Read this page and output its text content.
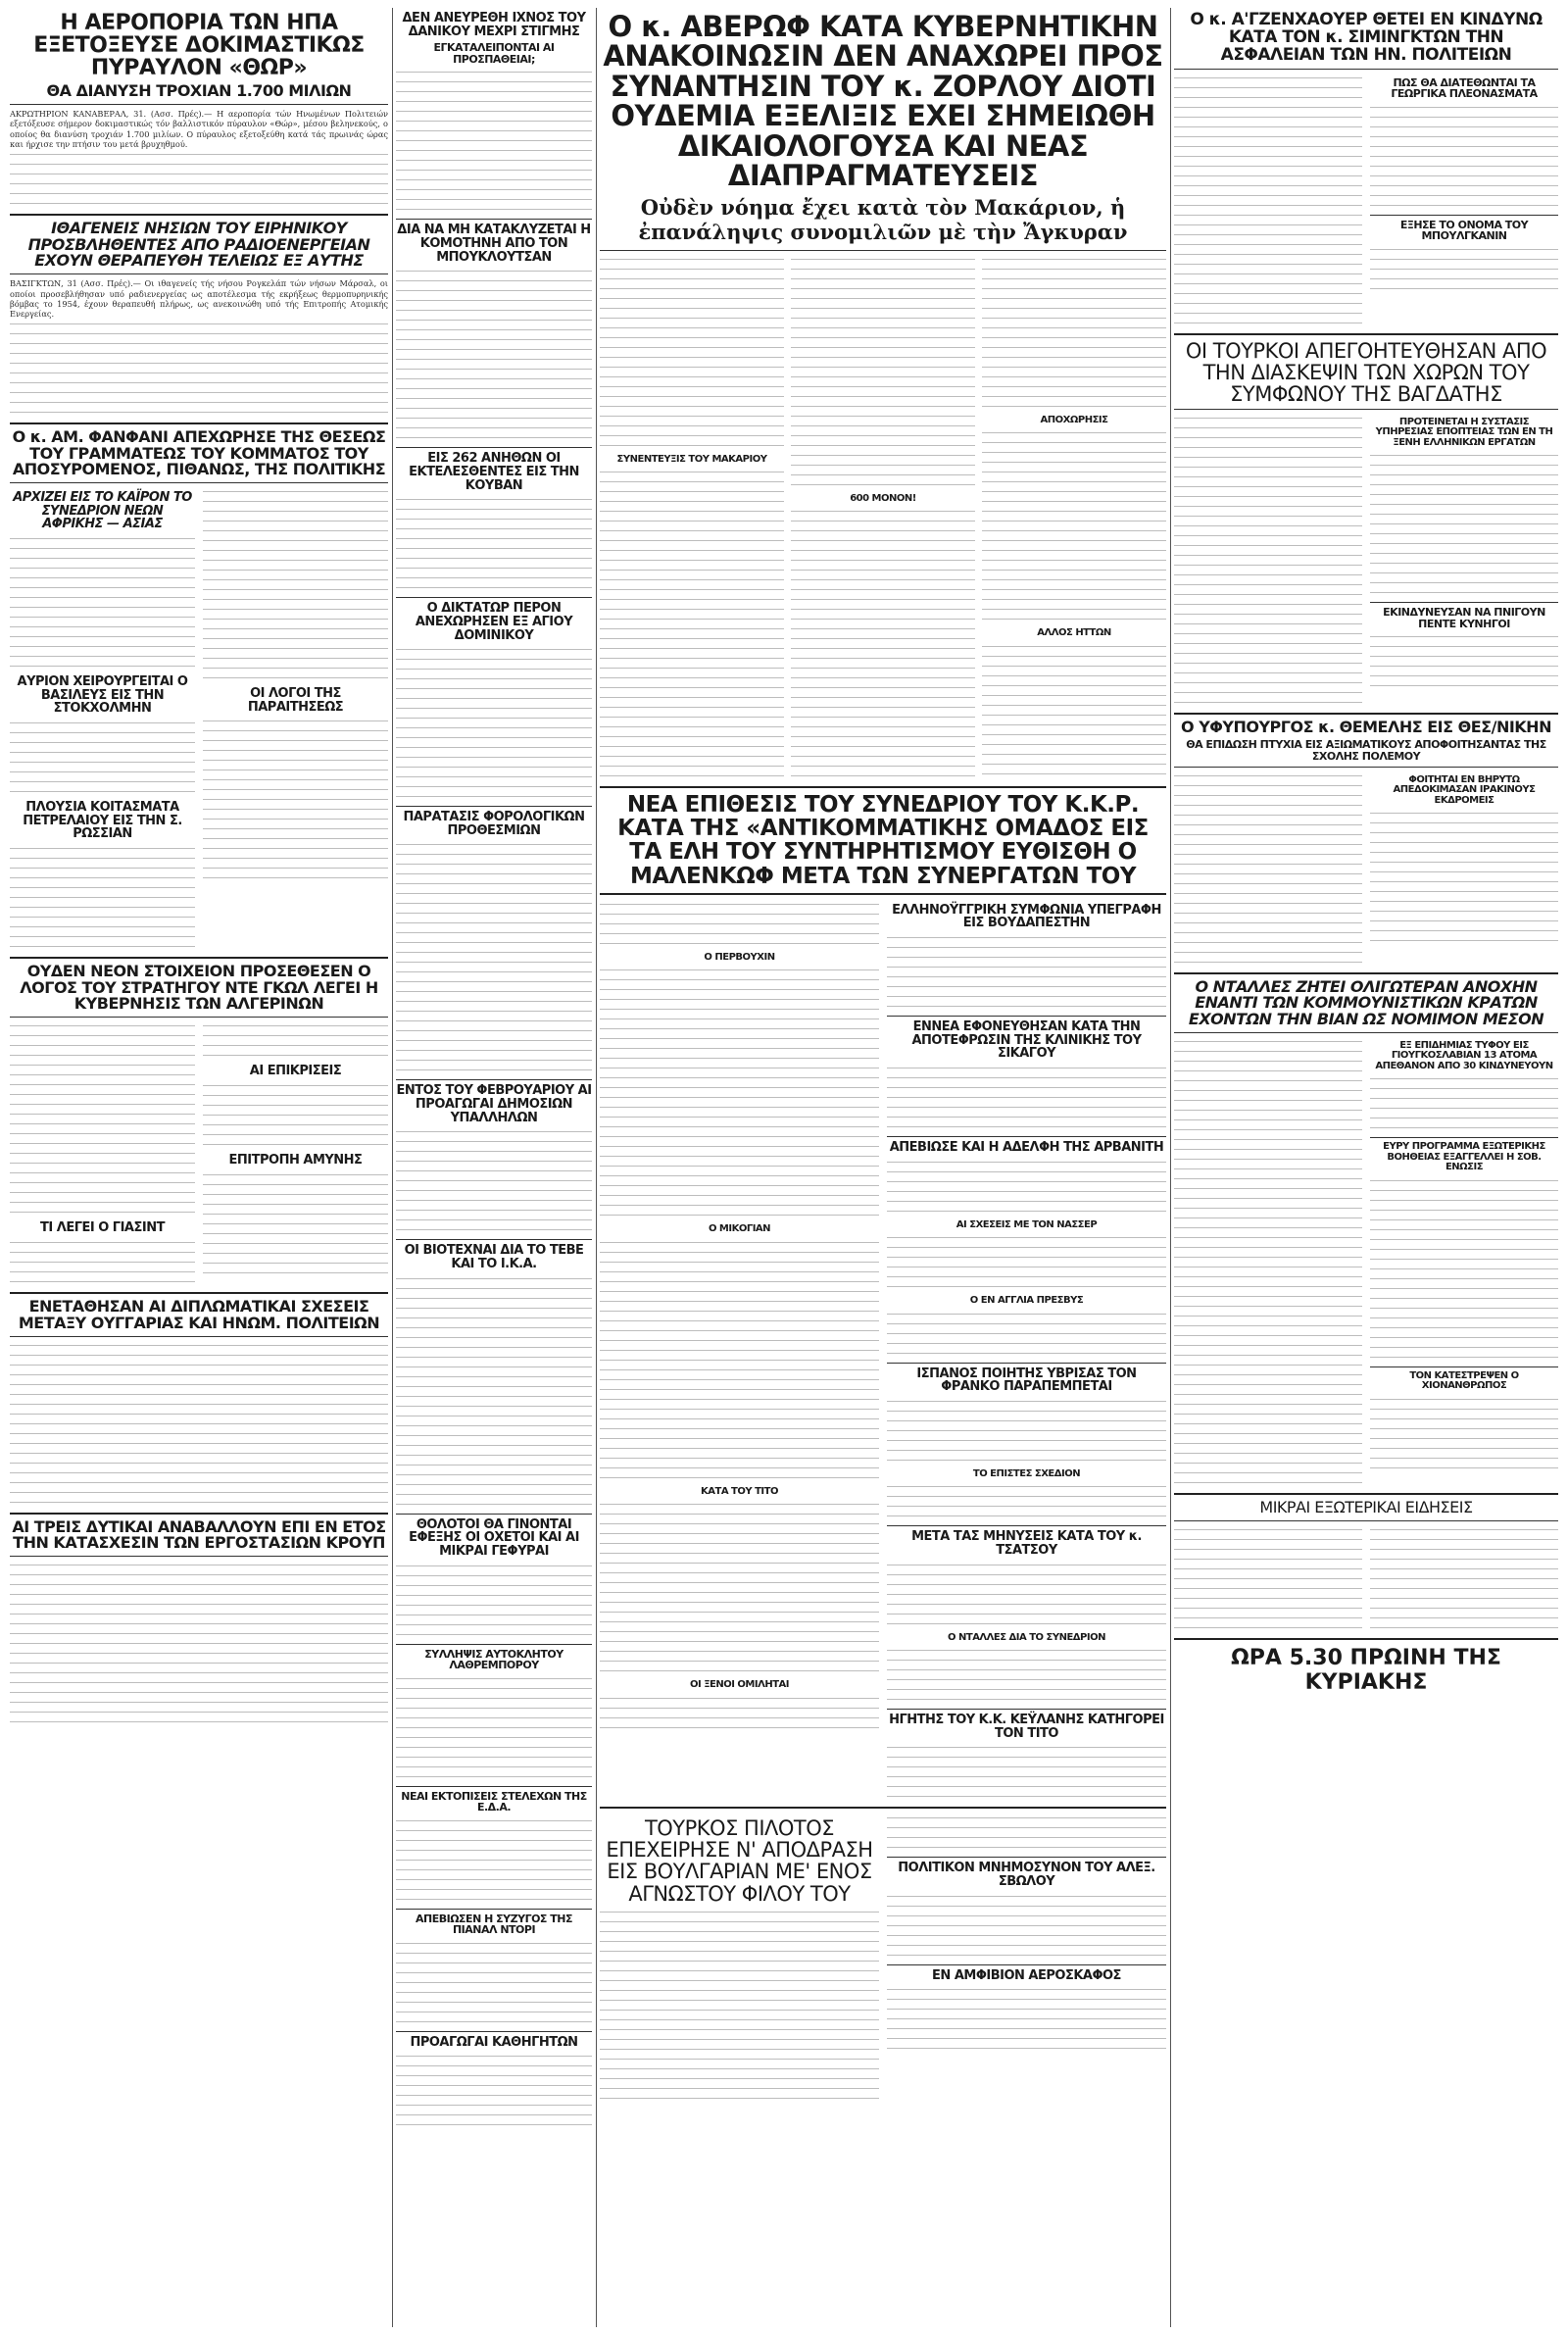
Η ΑΕΡΟΠΟΡΙΑ ΤΩΝ ΗΠΑ ΕΞΕΤΟΞΕΥΣΕ ΔΟΚΙΜΑΣΤΙΚΩΣ ΠΥΡΑΥΛΟΝ «ΘΩΡ»
ΘΑ ΔΙΑΝΥΣΗ ΤΡΟΧΙΑΝ 1.700 ΜΙΛΙΩΝ

ΑΚΡΩΤΗΡΙΟΝ ΚΑΝΑΒΕΡΑΛ, 31. (Ασσ. Πρές).— Η αεροπορία τών Ηνωμένων Πολιτειών εξετόξευσε σήμερον δοκιμαστικώς τόν βαλλιστικόν πύραυλον «Θώρ», μέσου βεληνεκούς, ο οποίος θα διανύση τροχιάν 1.700 μιλίων. Ο πύραυλος εξετοξεύθη κατά τάς πρωινάς ώρας και ήρχισε την πτήσιν του μετά βρυχηθμού.

ΙΘΑΓΕΝΕΙΣ ΝΗΣΙΩΝ ΤΟΥ ΕΙΡΗΝΙΚΟΥ ΠΡΟΣΒΛΗΘΕΝΤΕΣ ΑΠΟ ΡΑΔΙΟΕΝΕΡΓΕΙΑΝ ΕΧΟΥΝ ΘΕΡΑΠΕΥΘΗ ΤΕΛΕΙΩΣ ΕΞ ΑΥΤΗΣ

ΒΑΣΙΓΚΤΩΝ, 31 (Ασσ. Πρές).— Οι ιθαγενείς τής νήσου Ρογκελάπ τών νήσων Μάρσαλ, οι οποίοι προσεβλήθησαν υπό ραδιενεργείας ως αποτέλεσμα τής εκρήξεως θερμοπυρηνικής βόμβας το 1954, έχουν θεραπευθή πλήρως, ως ανεκοινώθη υπό τής Επιτροπής Ατομικής Ενεργείας.

Ο κ. ΑΜ. ΦΑΝΦΑΝΙ ΑΠΕΧΩΡΗΣΕ ΤΗΣ ΘΕΣΕΩΣ ΤΟΥ ΓΡΑΜΜΑΤΕΩΣ ΤΟΥ ΚΟΜΜΑΤΟΣ ΤΟΥ ΑΠΟΣΥΡΟΜΕΝΟΣ, ΠΙΘΑΝΩΣ, ΤΗΣ ΠΟΛΙΤΙΚΗΣ
ΑΡΧΙΖΕΙ ΕΙΣ ΤΟ ΚΑΪΡΟΝ ΤΟ ΣΥΝΕΔΡΙΟΝ ΝΕΩΝ ΑΦΡΙΚΗΣ — ΑΣΙΑΣ
ΑΥΡΙΟΝ ΧΕΙΡΟΥΡΓΕΙΤΑΙ Ο ΒΑΣΙΛΕΥΣ ΕΙΣ ΤΗΝ ΣΤΟΚΧΟΛΜΗΝ
ΠΛΟΥΣΙΑ ΚΟΙΤΑΣΜΑΤΑ ΠΕΤΡΕΛΑΙΟΥ ΕΙΣ ΤΗΝ Σ. ΡΩΣΣΙΑΝ
ΟΙ ΛΟΓΟΙ ΤΗΣ ΠΑΡΑΙΤΗΣΕΩΣ
ΟΥΔΕΝ ΝΕΟΝ ΣΤΟΙΧΕΙΟΝ ΠΡΟΣΕΘΕΣΕΝ Ο ΛΟΓΟΣ ΤΟΥ ΣΤΡΑΤΗΓΟΥ ΝΤΕ ΓΚΩΛ ΛΕΓΕΙ Η ΚΥΒΕΡΝΗΣΙΣ ΤΩΝ ΑΛΓΕΡΙΝΩΝ
ΤΙ ΛΕΓΕΙ Ο ΓΙΑΣΙΝΤ
ΑΙ ΕΠΙΚΡΙΣΕΙΣ
ΕΠΙΤΡΟΠΗ ΑΜΥΝΗΣ
ΕΝΕΤΑΘΗΣΑΝ ΑΙ ΔΙΠΛΩΜΑΤΙΚΑΙ ΣΧΕΣΕΙΣ ΜΕΤΑΞΥ ΟΥΓΓΑΡΙΑΣ ΚΑΙ ΗΝΩΜ. ΠΟΛΙΤΕΙΩΝ
ΑΙ ΤΡΕΙΣ ΔΥΤΙΚΑΙ ΑΝΑΒΑΛΛΟΥΝ ΕΠΙ ΕΝ ΕΤΟΣ ΤΗΝ ΚΑΤΑΣΧΕΣΙΝ ΤΩΝ ΕΡΓΟΣΤΑΣΙΩΝ ΚΡΟΥΠ
ΔΕΝ ΑΝΕΥΡΕΘΗ ΙΧΝΟΣ ΤΟΥ ΔΑΝΙΚΟΥ ΜΕΧΡΙ ΣΤΙΓΜΗΣ
ΕΓΚΑΤΑΛΕΙΠΟΝΤΑΙ ΑΙ ΠΡΟΣΠΑΘΕΙΑΙ;
ΔΙΑ ΝΑ ΜΗ ΚΑΤΑΚΛΥΖΕΤΑΙ Η ΚΟΜΟΤΗΝΗ ΑΠΟ ΤΟΝ ΜΠΟΥΚΛΟΥΤΣΑΝ
ΕΙΣ 262 ΑΝΗΘΩΝ ΟΙ ΕΚΤΕΛΕΣΘΕΝΤΕΣ ΕΙΣ ΤΗΝ ΚΟΥΒΑΝ
Ο ΔΙΚΤΑΤΩΡ ΠΕΡΟΝ ΑΝΕΧΩΡΗΣΕΝ ΕΞ ΑΓΙΟΥ ΔΟΜΙΝΙΚΟΥ
ΠΑΡΑΤΑΣΙΣ ΦΟΡΟΛΟΓΙΚΩΝ ΠΡΟΘΕΣΜΙΩΝ
ΕΝΤΟΣ ΤΟΥ ΦΕΒΡΟΥΑΡΙΟΥ ΑΙ ΠΡΟΑΓΩΓΑΙ ΔΗΜΟΣΙΩΝ ΥΠΑΛΛΗΛΩΝ
ΟΙ ΒΙΟΤΕΧΝΑΙ ΔΙΑ ΤΟ ΤΕΒΕ ΚΑΙ ΤΟ Ι.Κ.Α.
ΘΟΛΟΤΟΙ ΘΑ ΓΙΝΟΝΤΑΙ ΕΦΕΞΗΣ ΟΙ ΟΧΕΤΟΙ ΚΑΙ ΑΙ ΜΙΚΡΑΙ ΓΕΦΥΡΑΙ
ΣΥΛΛΗΨΙΣ ΑΥΤΟΚΛΗΤΟΥ ΛΑΘΡΕΜΠΟΡΟΥ
ΝΕΑΙ ΕΚΤΟΠΙΣΕΙΣ ΣΤΕΛΕΧΩΝ ΤΗΣ Ε.Δ.Α.
ΑΠΕΒΙΩΣΕΝ Η ΣΥΖΥΓΟΣ ΤΗΣ ΠΙΑΝΑΛ ΝΤΟΡΙ
ΠΡΟΑΓΩΓΑΙ ΚΑΘΗΓΗΤΩΝ
Ο κ. ΑΒΕΡΩΦ ΚΑΤΑ ΚΥΒΕΡΝΗΤΙΚΗΝ ΑΝΑΚΟΙΝΩΣΙΝ ΔΕΝ ΑΝΑΧΩΡΕΙ ΠΡΟΣ ΣΥΝΑΝΤΗΣΙΝ ΤΟΥ κ. ΖΟΡΛΟΥ ΔΙΟΤΙ ΟΥΔΕΜΙΑ ΕΞΕΛΙΞΙΣ ΕΧΕΙ ΣΗΜΕΙΩΘΗ ΔΙΚΑΙΟΛΟΓΟΥΣΑ ΚΑΙ ΝΕΑΣ ΔΙΑΠΡΑΓΜΑΤΕΥΣΕΙΣ
Οὐδὲν νόημα ἔχει κατὰ τὸν Μακάριον, ἡ ἐπανάληψις συνομιλιῶν μὲ τὴν Ἄγκυραν
ΣΥΝΕΝΤΕΥΞΙΣ ΤΟΥ ΜΑΚΑΡΙΟΥ
600 ΜΟΝΟΝ!
ΑΠΟΧΩΡΗΣΙΣ
ΑΛΛΟΣ ΗΤΤΩΝ
ΝΕΑ ΕΠΙΘΕΣΙΣ ΤΟΥ ΣΥΝΕΔΡΙΟΥ ΤΟΥ Κ.Κ.Ρ. ΚΑΤΑ ΤΗΣ «ΑΝΤΙΚΟΜΜΑΤΙΚΗΣ ΟΜΑΔΟΣ ΕΙΣ ΤΑ ΕΛΗ ΤΟΥ ΣΥΝΤΗΡΗΤΙΣΜΟΥ ΕΥΘΙΣΘΗ Ο ΜΑΛΕΝΚΩΦ ΜΕΤΑ ΤΩΝ ΣΥΝΕΡΓΑΤΩΝ ΤΟΥ
Ο ΠΕΡΒΟΥΧΙΝ
Ο ΜΙΚΟΓΙΑΝ
ΚΑΤΑ ΤΟΥ ΤΙΤΟ
ΟΙ ΞΕΝΟΙ ΟΜΙΛΗΤΑΙ
ΕΛΛΗΝΟΫΓΓΡΙΚΗ ΣΥΜΦΩΝΙΑ ΥΠΕΓΡΑΦΗ ΕΙΣ ΒΟΥΔΑΠΕΣΤΗΝ
ΕΝΝΕΑ ΕΦΟΝΕΥΘΗΣΑΝ ΚΑΤΑ ΤΗΝ ΑΠΟΤΕΦΡΩΣΙΝ ΤΗΣ ΚΛΙΝΙΚΗΣ ΤΟΥ ΣΙΚΑΓΟΥ
ΑΠΕΒΙΩΣΕ ΚΑΙ Η ΑΔΕΛΦΗ ΤΗΣ ΑΡΒΑΝΙΤΗ
ΑΙ ΣΧΕΣΕΙΣ ΜΕ ΤΟΝ ΝΑΣΣΕΡ
Ο ΕΝ ΑΓΓΛΙΑ ΠΡΕΣΒΥΣ
ΙΣΠΑΝΟΣ ΠΟΙΗΤΗΣ ΥΒΡΙΣΑΣ ΤΟΝ ΦΡΑΝΚΟ ΠΑΡΑΠΕΜΠΕΤΑΙ
ΤΟ ΕΠΙΣΤΕΣ ΣΧΕΔΙΟΝ
ΜΕΤΑ ΤΑΣ ΜΗΝΥΣΕΙΣ ΚΑΤΑ ΤΟΥ κ. ΤΣΑΤΣΟΥ
Ο ΝΤΑΛΛΕΣ ΔΙΑ ΤΟ ΣΥΝΕΔΡΙΟΝ
ΗΓΗΤΗΣ ΤΟΥ Κ.Κ. ΚΕΫΛΑΝΗΣ ΚΑΤΗΓΟΡΕΙ ΤΟΝ ΤΙΤΟ
ΤΟΥΡΚΟΣ ΠΙΛΟΤΟΣ ΕΠΕΧΕΙΡΗΣΕ Ν' ΑΠΟΔΡΑΣΗ ΕΙΣ ΒΟΥΛΓΑΡΙΑΝ ΜΕ' ΕΝΟΣ ΑΓΝΩΣΤΟΥ ΦΙΛΟΥ ΤΟΥ
ΠΟΛΙΤΙΚΟΝ ΜΝΗΜΟΣΥΝΟΝ ΤΟΥ ΑΛΕΞ. ΣΒΩΛΟΥ
ΕΝ ΑΜΦΙΒΙΟΝ ΑΕΡΟΣΚΑΦΟΣ
Ο κ. Α'ΓΖΕΝΧΑΟΥΕΡ ΘΕΤΕΙ ΕΝ ΚΙΝΔΥΝΩ ΚΑΤΑ ΤΟΝ κ. ΣΙΜΙΝΓΚΤΩΝ ΤΗΝ ΑΣΦΑΛΕΙΑΝ ΤΩΝ ΗΝ. ΠΟΛΙΤΕΙΩΝ
ΠΩΣ ΘΑ ΔΙΑΤΕΘΩΝΤΑΙ ΤΑ ΓΕΩΡΓΙΚΑ ΠΛΕΟΝΑΣΜΑΤΑ
ΕΞΗΣΕ ΤΟ ΟΝΟΜΑ ΤΟΥ ΜΠΟΥΛΓΚΑΝΙΝ
ΟΙ ΤΟΥΡΚΟΙ ΑΠΕΓΟΗΤΕΥΘΗΣΑΝ ΑΠΟ ΤΗΝ ΔΙΑΣΚΕΨΙΝ ΤΩΝ ΧΩΡΩΝ ΤΟΥ ΣΥΜΦΩΝΟΥ ΤΗΣ ΒΑΓΔΑΤΗΣ
ΠΡΟΤΕΙΝΕΤΑΙ Η ΣΥΣΤΑΣΙΣ ΥΠΗΡΕΣΙΑΣ ΕΠΟΠΤΕΙΑΣ ΤΩΝ ΕΝ ΤΗ ΞΕΝΗ ΕΛΛΗΝΙΚΩΝ ΕΡΓΑΤΩΝ
ΕΚΙΝΔΥΝΕΥΣΑΝ ΝΑ ΠΝΙΓΟΥΝ ΠΕΝΤΕ ΚΥΝΗΓΟΙ
Ο ΥΦΥΠΟΥΡΓΟΣ κ. ΘΕΜΕΛΗΣ ΕΙΣ ΘΕΣ/ΝΙΚΗΝ
ΘΑ ΕΠΙΔΩΣΗ ΠΤΥΧΙΑ ΕΙΣ ΑΞΙΩΜΑΤΙΚΟΥΣ ΑΠΟΦΟΙΤΗΣΑΝΤΑΣ ΤΗΣ ΣΧΟΛΗΣ ΠΟΛΕΜΟΥ
ΦΟΙΤΗΤΑΙ ΕΝ ΒΗΡΥΤΩ ΑΠΕΔΟΚΙΜΑΣΑΝ ΙΡΑΚΙΝΟΥΣ ΕΚΔΡΟΜΕΙΣ
Ο ΝΤΑΛΛΕΣ ΖΗΤΕΙ ΟΛΙΓΩΤΕΡΑΝ ΑΝΟΧΗΝ ΕΝΑΝΤΙ ΤΩΝ ΚΟΜΜΟΥΝΙΣΤΙΚΩΝ ΚΡΑΤΩΝ ΕΧΟΝΤΩΝ ΤΗΝ ΒΙΑΝ ΩΣ ΝΟΜΙΜΟΝ ΜΕΣΟΝ
ΕΞ ΕΠΙΔΗΜΙΑΣ ΤΥΦΟΥ ΕΙΣ ΓΙΟΥΓΚΟΣΛΑΒΙΑΝ 13 ΑΤΟΜΑ ΑΠΕΘΑΝΟΝ ΑΠΟ 30 ΚΙΝΔΥΝΕΥΟΥΝ
ΕΥΡΥ ΠΡΟΓΡΑΜΜΑ ΕΞΩΤΕΡΙΚΗΣ ΒΟΗΘΕΙΑΣ ΕΞΑΓΓΕΛΛΕΙ Η ΣΟΒ. ΕΝΩΣΙΣ
ΤΟΝ ΚΑΤΕΣΤΡΕΨΕΝ Ο ΧΙΟΝΑΝΘΡΩΠΟΣ
ΜΙΚΡΑΙ ΕΞΩΤΕΡΙΚΑΙ ΕΙΔΗΣΕΙΣ
ΩΡΑ 5.30 ΠΡΩΙΝΗ ΤΗΣ ΚΥΡΙΑΚΗΣ
